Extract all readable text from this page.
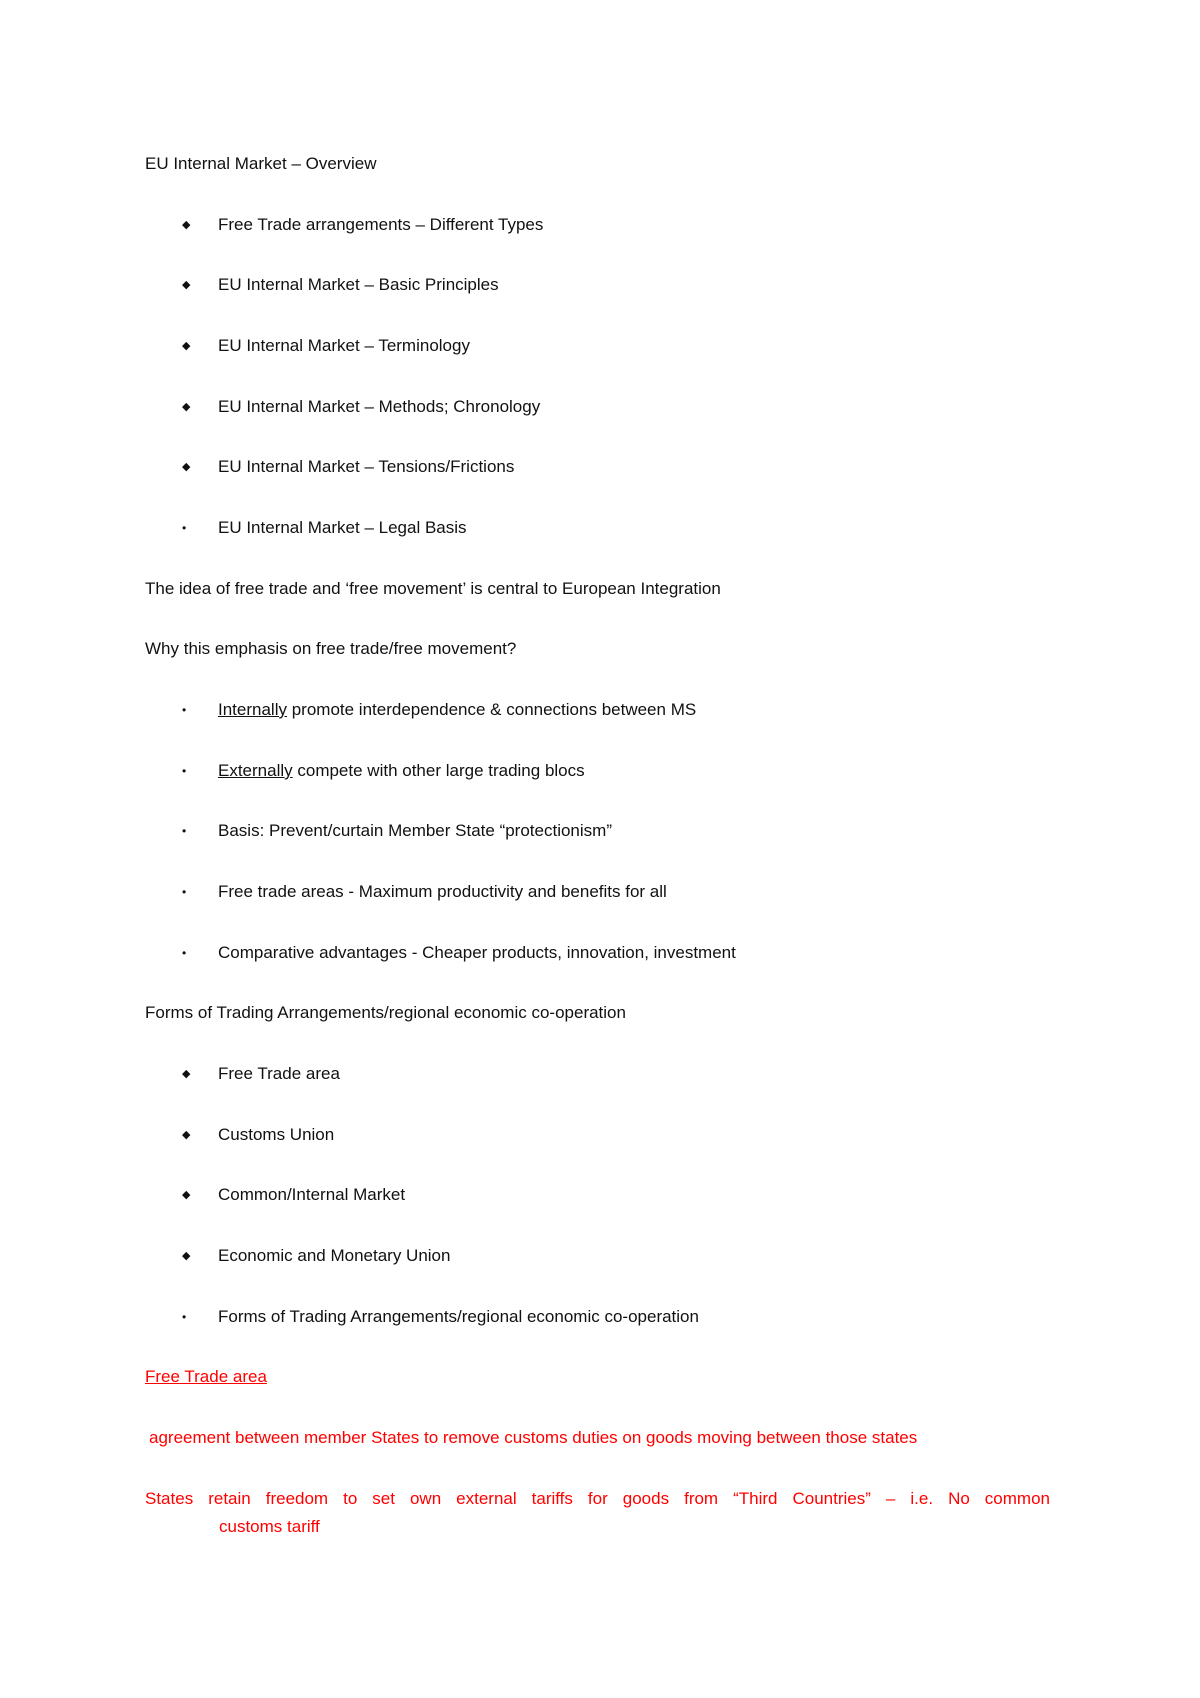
EU Internal Market – Overview
◆ Free Trade arrangements – Different Types
◆ EU Internal Market – Basic Principles
◆ EU Internal Market – Terminology
◆ EU Internal Market – Methods; Chronology
◆ EU Internal Market – Tensions/Frictions
• EU Internal Market – Legal Basis
The idea of free trade and ‘free movement’ is central to European Integration
Why this emphasis on free trade/free movement?
• Internally promote interdependence & connections between MS
• Externally compete with other large trading blocs
• Basis: Prevent/curtain Member State “protectionism”
• Free trade areas - Maximum productivity and benefits for all
• Comparative advantages - Cheaper products, innovation, investment
Forms of Trading Arrangements/regional economic co-operation
◆ Free Trade area
◆ Customs Union
◆ Common/Internal Market
◆ Economic and Monetary Union
• Forms of Trading Arrangements/regional economic co-operation
Free Trade area
agreement between member States to remove customs duties on goods moving between those states
States retain freedom to set own external tariffs for goods from “Third Countries” – i.e. No common
customs tariff
